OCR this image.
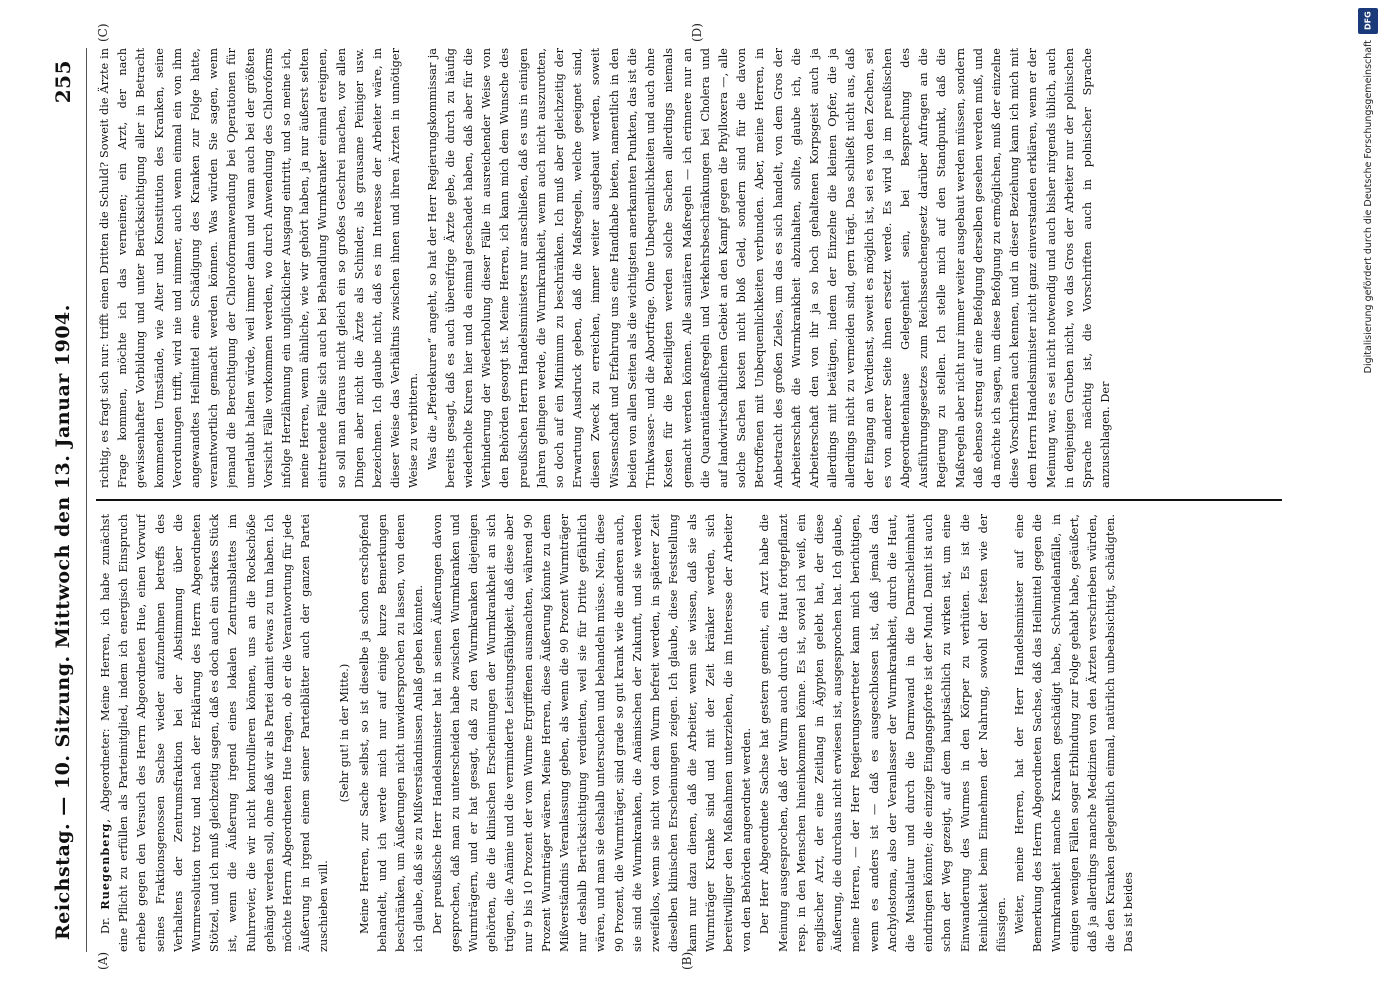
Reichstag. — 10. Sitzung. Mittwoch den 13. Januar 1904.
255
(A)	(B)
(C)	(D)

Dr. Ruegenberg, Abgeordneter: Meine Herren, ich habe zunächst eine Pflicht zu erfüllen als Parteimitglied, indem ich energisch Einspruch erhebe gegen den Versuch des Herrn Abgeordneten Hue, einen Vorwurf seines Fraktionsgenossen Sachse wieder aufzunehmen betreffs des Verhaltens der Zentrumsfraktion bei der Abstimmung über die Wurmresolution trotz und nach der Erklärung des Herrn Abgeordneten Stötzel, und ich muß gleichzeitig sagen, daß es doch auch ein starkes Stück ist, wenn die Äußerung irgend eines lokalen Zentrumsblattes im Ruhrrevier, die wir nicht kontrollieren können, uns an die Rockschöße gehängt werden soll, ohne daß wir als Partei damit etwas zu tun haben. Ich möchte Herrn Abgeordneten Hue fragen, ob er die Verantwortung für jede Äußerung in irgend einem seiner Parteiblätter auch der ganzen Partei zuschieben will.

(Sehr gut! in der Mitte.) Meine Herren, zur Sache selbst, so ist dieselbe ja schon erschöpfend behandelt, und ich werde mich nur auf einige kurze Bemerkungen beschränken, um Äußerungen nicht unwidersprochen zu lassen, von denen ich glaube, daß sie zu Mißverständnissen Anlaß geben könnten. Der preußische Herr Handelsminister hat in seinen Äußerungen davon gesprochen, daß man zu unterscheiden habe zwischen Wurmkranken und Wurmträgern, und er hat gesagt, daß zu den Wurmkranken diejenigen gehörten, die die klinischen Erscheinungen der Wurmkrankheit an sich trügen, die Anämie und die verminderte Leistungsfähigkeit, daß diese aber nur 9 bis 10 Prozent der vom Wurme Ergriffenen ausmachten, während 90 Prozent Wurmträger wären. Meine Herren, diese Äußerung könnte zu dem Mißverständnis Veranlassung geben, als wenn die 90 Prozent Wurmträger nur deshalb Berücksichtigung verdienten, weil sie für Dritte gefährlich wären, und man sie deshalb untersuchen und behandeln müsse. Nein, diese 90 Prozent, die Wurmträger, sind grade so gut krank wie die anderen auch, sie sind die Wurmkranken, die Anämischen der Zukunft, und sie werden zweifellos, wenn sie nicht von dem Wurm befreit werden, in späterer Zeit dieselben klinischen Erscheinungen zeigen. Ich glaube, diese Feststellung kann nur dazu dienen, daß die Arbeiter, wenn sie wissen, daß sie als Wurmträger Kranke sind und mit der Zeit kränker werden, sich bereitwilliger den Maßnahmen unterziehen, die im Interesse der Arbeiter von den Behörden angeordnet werden. Der Herr Abgeordnete Sachse hat gestern gemeint, ein Arzt habe die Meinung ausgesprochen, daß der Wurm auch durch die Haut fortgepflanzt resp. in den Menschen hineinkommen könne. Es ist, soviel ich weiß, ein englischer Arzt, der eine Zeitlang in Ägypten gelebt hat, der diese Äußerung, die durchaus nicht erwiesen ist, ausgesprochen hat. Ich glaube, meine Herren, — der Herr Regierungsvertreter kann mich berichtigen, wenn es anders ist — daß es ausgeschlossen ist, daß jemals das Anchylostoma, also der Veranlasser der Wurmkrankheit, durch die Haut, die Muskulatur und durch die Darmwand in die Darmschleimhaut eindringen könnte; die einzige Eingangspforte ist der Mund. Damit ist auch schon der Weg gezeigt, auf dem hauptsächlich zu wirken ist, um eine Einwanderung des Wurmes in den Körper zu verhüten. Es ist die Reinlichkeit beim Einnehmen der Nahrung, sowohl der festen wie der flüssigen. Weiter, meine Herren, hat der Herr Handelsminister auf eine Bemerkung des Herrn Abgeordneten Sachse, daß das Heilmittel gegen die Wurmkrankheit manche Kranken geschädigt habe, Schwindelanfälle, in einigen wenigen Fällen sogar Erblindung zur Folge gehabt habe, geäußert, daß ja allerdings manche Medizinen von den Ärzten verschrieben würden, die den Kranken gelegentlich einmal, natürlich unbeabsichtigt, schädigten. Das ist beides

richtig, es fragt sich nur: trifft einen Dritten die Schuld? Soweit die Ärzte in Frage kommen, möchte ich das verneinen; ein Arzt, der nach gewissenhafter Vorbildung und unter Berücksichtigung aller in Betracht kommenden Umstände, wie Alter und Konstitution des Kranken, seine Verordnungen trifft, wird nie und nimmer, auch wenn einmal ein von ihm angewandtes Heilmittel eine Schädigung des Kranken zur Folge hatte, verantwortlich gemacht werden können. Was würden Sie sagen, wenn jemand die Berechtigung der Chloroformanwendung bei Operationen für unerlaubt halten würde, weil immer dann und wann auch bei der größten Vorsicht Fälle vorkommen werden, wo durch Anwendung des Chloroforms infolge Herzlähmung ein unglücklicher Ausgang eintritt, und so meine ich, meine Herren, wenn ähnliche, wie wir gehört haben, ja nur äußerst selten eintretende Fälle sich auch bei Behandlung Wurmkranker einmal ereignen, so soll man daraus nicht gleich ein so großes Geschrei machen, vor allen Dingen aber nicht die Ärzte als Schinder, als grausame Peiniger usw. bezeichnen. Ich glaube nicht, daß es im Interesse der Arbeiter wäre, in dieser Weise das Verhältnis zwischen ihnen und ihren Ärzten in unnötiger Weise zu verbittern. Was die „Pferdekuren“ angeht, so hat der Herr Regierungskommissar ja bereits gesagt, daß es auch übereifrige Ärzte gebe, die durch zu häufig wiederholte Kuren hier und da einmal geschadet haben, daß aber für die Verhinderung der Wiederholung dieser Fälle in ausreichender Weise von den Behörden gesorgt ist. Meine Herren, ich kann mich dem Wunsche des preußischen Herrn Handelsministers nur anschließen, daß es uns in einigen Jahren gelingen werde, die Wurmkrankheit, wenn auch nicht auszurotten, so doch auf ein Minimum zu beschränken. Ich muß aber gleichzeitig der Erwartung Ausdruck geben, daß die Maßregeln, welche geeignet sind, diesen Zweck zu erreichen, immer weiter ausgebaut werden, soweit Wissenschaft und Erfahrung uns eine Handhabe bieten, namentlich in den beiden von allen Seiten als die wichtigsten anerkannten Punkten, das ist die Trinkwasser- und die Abortfrage. Ohne Unbequemlichkeiten und auch ohne Kosten für die Beteiligten werden solche Sachen allerdings niemals gemacht werden können. Alle sanitären Maßregeln — ich erinnere nur an die Quarantänemaßregeln und Verkehrsbeschränkungen bei Cholera und auf landwirtschaftlichem Gebiet an den Kampf gegen die Phylloxera —, alle solche Sachen kosten nicht bloß Geld, sondern sind für die davon Betroffenen mit Unbequemlichkeiten verbunden. Aber, meine Herren, in Anbetracht des großen Zieles, um das es sich handelt, von dem Gros der Arbeiterschaft die Wurmkrankheit abzuhalten, sollte, glaube ich, die Arbeiterschaft den von ihr ja so hoch gehaltenen Korpsgeist auch ja allerdings mit betätigen, indem der Einzelne die kleinen Opfer, die ja allerdings nicht zu vermeiden sind, gern trägt. Das schließt nicht aus, daß der Eingang an Verdienst, soweit es möglich ist, sei es von den Zechen, sei es von anderer Seite ihnen ersetzt werde. Es wird ja im preußischen Abgeordnetenhause Gelegenheit sein, bei Besprechung des Ausführungsgesetzes zum Reichsseuchengesetz darüber Anfragen an die Regierung zu stellen. Ich stelle mich auf den Standpunkt, daß die Maßregeln aber nicht nur immer weiter ausgebaut werden müssen, sondern daß ebenso streng auf eine Befolgung derselben gesehen werden muß, und da möchte ich sagen, um diese Befolgung zu ermöglichen, muß der einzelne diese Vorschriften auch kennen, und in dieser Beziehung kann ich mich mit dem Herrn Handelsminister nicht ganz einverstanden erklären, wenn er der Meinung war, es sei nicht notwendig und auch bisher nirgends üblich, auch in denjenigen Gruben nicht, wo das Gros der Arbeiter nur der polnischen Sprache mächtig ist, die Vorschriften auch in polnischer Sprache anzuschlagen. Der

DFG
Digitalisierung gefördert durch die Deutsche Forschungsgemeinschaft
